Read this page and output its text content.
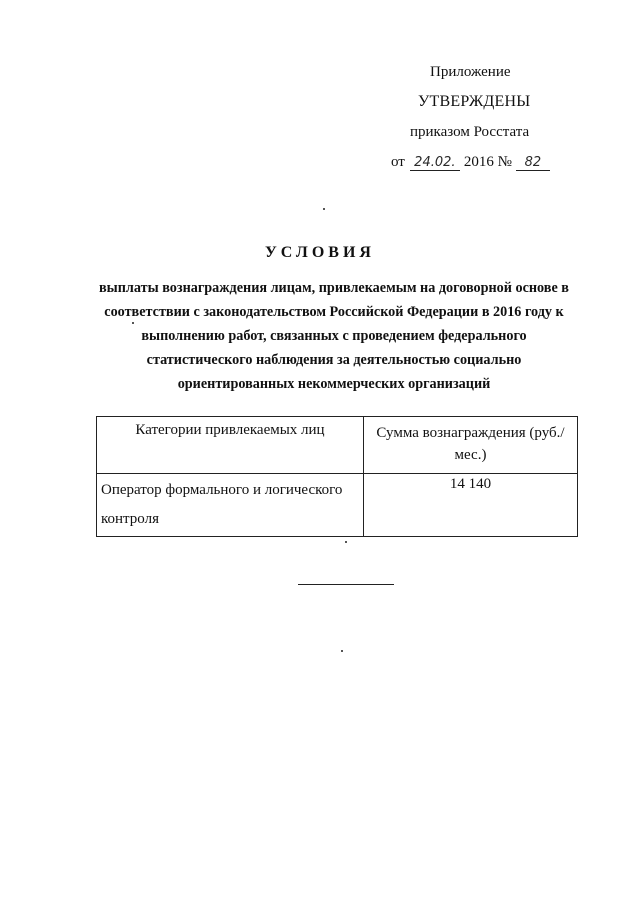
Приложение
УТВЕРЖДЕНЫ
приказом Росстата
от 24.02. 2016 № 82
УСЛОВИЯ
выплаты вознаграждения лицам, привлекаемым на договорной основе в соответствии с законодательством Российской Федерации в 2016 году к выполнению работ, связанных с проведением федерального статистического наблюдения за деятельностью социально ориентированных некоммерческих организаций
Категории привлекаемых лиц	Сумма вознаграждения (руб./мес.)
Оператор формального и логического контроля	14 140
